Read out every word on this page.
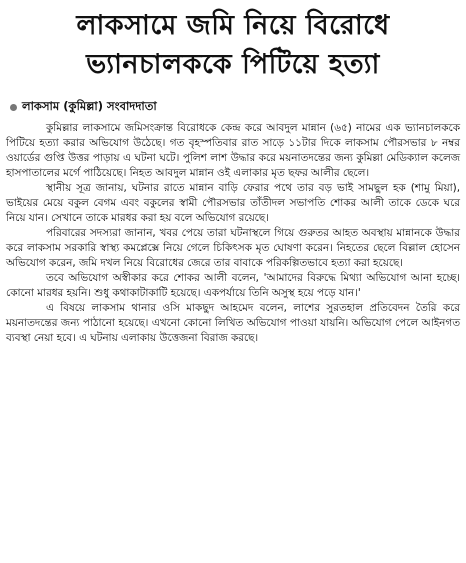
লাকসামে জমি নিয়ে বিরোধে
ভ্যানচালককে পিটিয়ে হত্যা
লাকসাম (কুমিল্লা) সংবাদদাতা

কুমিল্লার লাকসামে জমিসংক্রান্ত বিরোধকে কেন্দ্র করে আবদুল মান্নান (৬৫) নামের এক ভ্যানচালককে পিটিয়ে হত্যা করার অভিযোগ উঠেছে। গত বৃহস্পতিবার রাত সাড়ে ১১টার দিকে লাকসাম পৌরসভার ৮ নম্বর ওয়ার্ডের গুপ্তি উত্তর পাড়ায় এ ঘটনা ঘটে। পুলিশ লাশ উদ্ধার করে ময়নাতদন্তের জন্য কুমিল্লা মেডিক্যাল কলেজ হাসপাতালের মর্গে পাঠিয়েছে। নিহত আবদুল মান্নান ওই এলাকার মৃত ছফর আলীর ছেলে।

স্থানীয় সূত্র জানায়, ঘটনার রাতে মান্নান বাড়ি ফেরার পথে তার বড় ভাই সামছুল হক (শামু মিয়া), ভাইয়ের মেয়ে বকুল বেগম এবং বকুলের স্বামী পৌরসভার তাঁতীদল সভাপতি শোকর আলী তাকে ডেকে ঘরে নিয়ে যান। সেখানে তাকে মারধর করা হয় বলে অভিযোগ রয়েছে।

পরিবারের সদস্যরা জানান, খবর পেয়ে তারা ঘটনাস্থলে গিয়ে গুরুতর আহত অবস্থায় মান্নানকে উদ্ধার করে লাকসাম সরকারি স্বাস্থ্য কমপ্লেক্সে নিয়ে গেলে চিকিৎসক মৃত ঘোষণা করেন। নিহতের ছেলে বিল্লাল হোসেন অভিযোগ করেন, জমি দখল নিয়ে বিরোধের জেরে তার বাবাকে পরিকল্পিতভাবে হত্যা করা হয়েছে।

তবে অভিযোগ অস্বীকার করে শোকর আলী বলেন, 'আমাদের বিরুদ্ধে মিথ্যা অভিযোগ আনা হচ্ছে। কোনো মারধর হয়নি। শুধু কথাকাটাকাটি হয়েছে। একপর্যায়ে তিনি অসুস্থ হয়ে পড়ে যান।'

এ বিষয়ে লাকসাম থানার ওসি মাকছুদ আহমেদ বলেন, লাশের সুরতহাল প্রতিবেদন তৈরি করে ময়নাতদন্তের জন্য পাঠানো হয়েছে। এখনো কোনো লিখিত অভিযোগ পাওয়া যায়নি। অভিযোগ পেলে আইনগত ব্যবস্থা নেয়া হবে। এ ঘটনায় এলাকায় উত্তেজনা বিরাজ করছে।
